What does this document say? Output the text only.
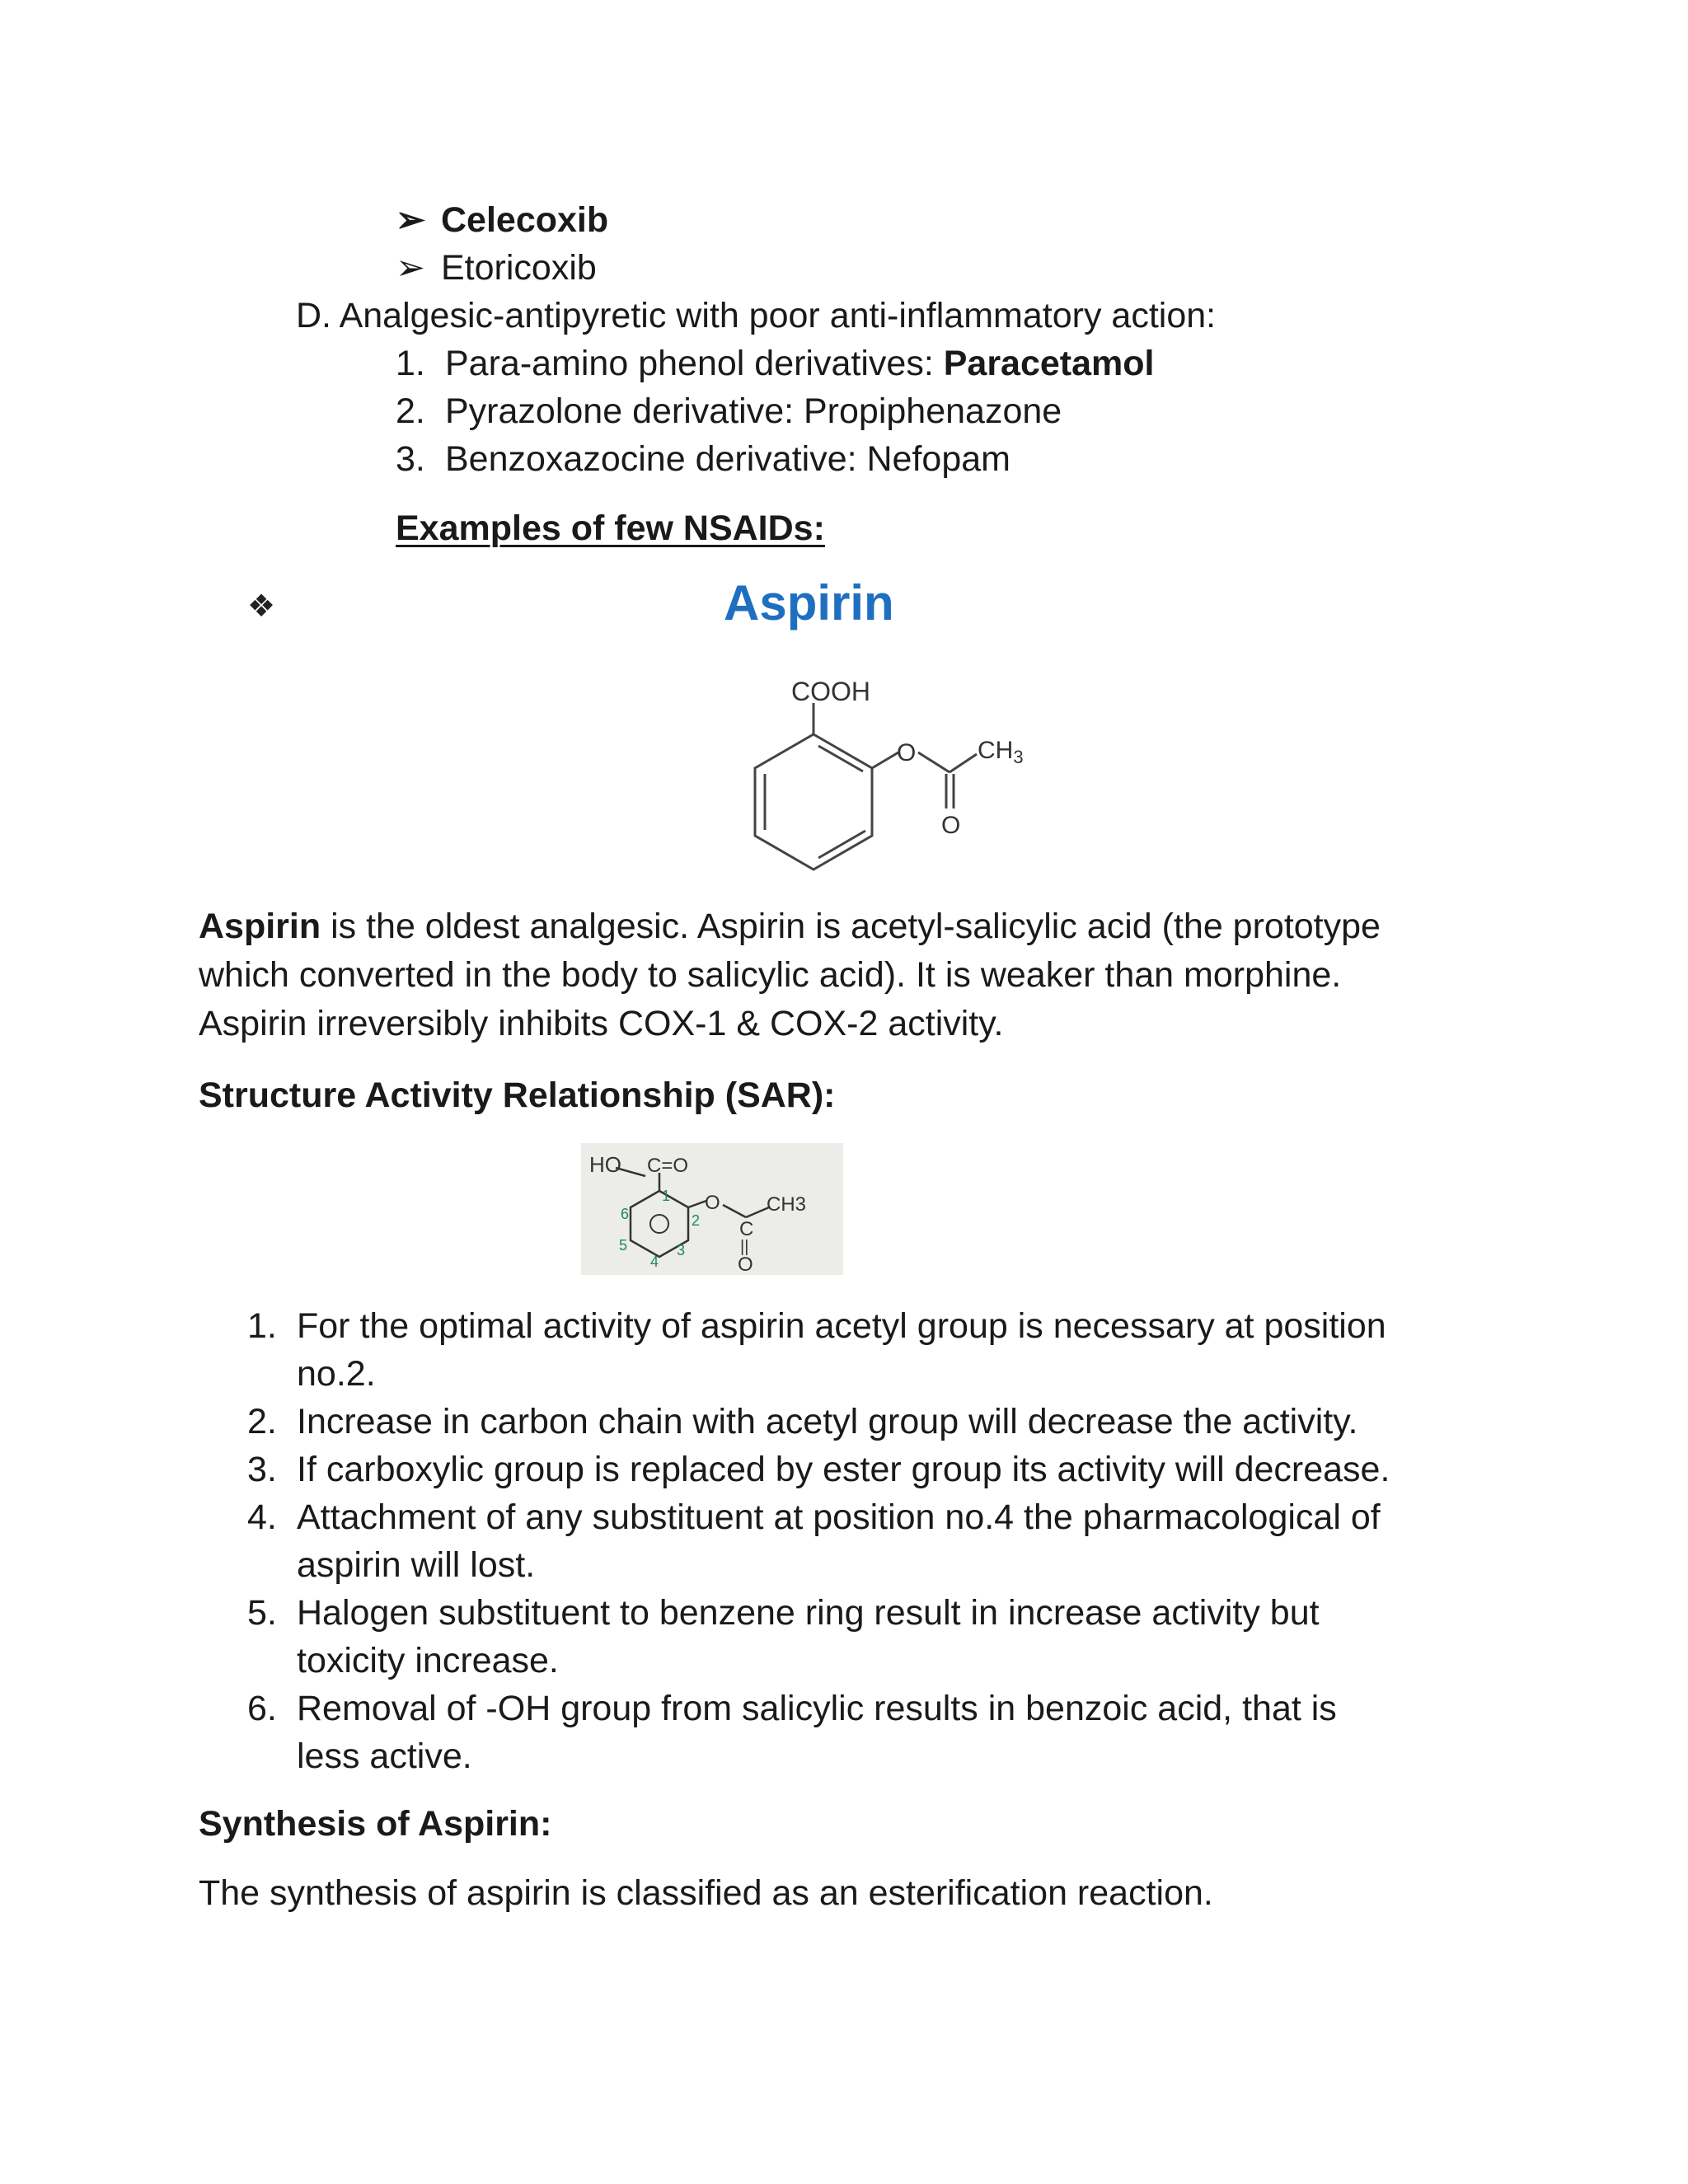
➢ Celecoxib
➢ Etoricoxib
D. Analgesic-antipyretic with poor anti-inflammatory action:
1. Para-amino phenol derivatives: Paracetamol
2. Pyrazolone derivative: Propiphenazone
3. Benzoxazocine derivative: Nefopam
Examples of few NSAIDs:
❖	Aspirin
COOH
O $CH_3$
O
Aspirin is the oldest analgesic. Aspirin is acetyl-salicylic acid (the prototype
which converted in the body to salicylic acid). It is weaker than morphine.
Aspirin irreversibly inhibits COX-1 & COX-2 activity.
Structure Activity Relationship (SAR):
HO C=O
O CH3
C
||
O
1
2
3
4
5
6
1. For the optimal activity of aspirin acetyl group is necessary at position
no.2.
2. Increase in carbon chain with acetyl group will decrease the activity.
3. If carboxylic group is replaced by ester group its activity will decrease.
4. Attachment of any substituent at position no.4 the pharmacological of
aspirin will lost.
5. Halogen substituent to benzene ring result in increase activity but
toxicity increase.
6. Removal of -OH group from salicylic results in benzoic acid, that is
less active.
Synthesis of Aspirin:
The synthesis of aspirin is classified as an esterification reaction.
